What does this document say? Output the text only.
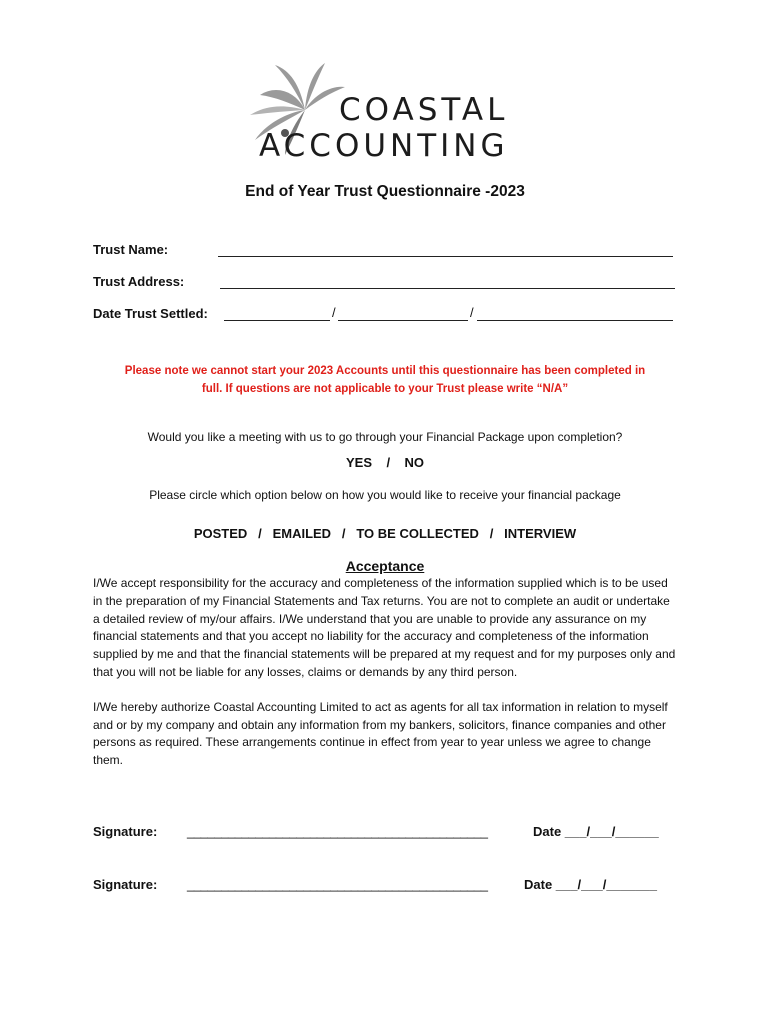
COASTAL
ACCOUNTING
End of Year Trust Questionnaire -2023
Trust Name:
Trust Address:
Date Trust Settled:	/	/
Please note we cannot start your 2023 Accounts until this questionnaire has been completed in
full. If questions are not applicable to your Trust please write “N/A”
Would you like a meeting with us to go through your Financial Package upon completion?
YES    /    NO
Please circle which option below on how you would like to receive your financial package
POSTED   /   EMAILED   /   TO BE COLLECTED   /   INTERVIEW
Acceptance

I/We accept responsibility for the accuracy and completeness of the information supplied which is to be used in the preparation of my Financial Statements and Tax returns. You are not to complete an audit or undertake a detailed review of my/our affairs. I/We understand that you are unable to provide any assurance on my financial statements and that you accept no liability for the accuracy and completeness of the information supplied by me and that the financial statements will be prepared at my request and for my purposes only and that you will not be liable for any losses, claims or demands by any third person.

I/We hereby authorize Coastal Accounting Limited to act as agents for all tax information in relation to myself and or by my company and obtain any information from my bankers, solicitors, finance companies and other persons as required. These arrangements continue in effect from year to year unless we agree to change them.

Signature: ____________________________________________	Date ___/___/______
Signature: ____________________________________________	Date ___/___/_______
